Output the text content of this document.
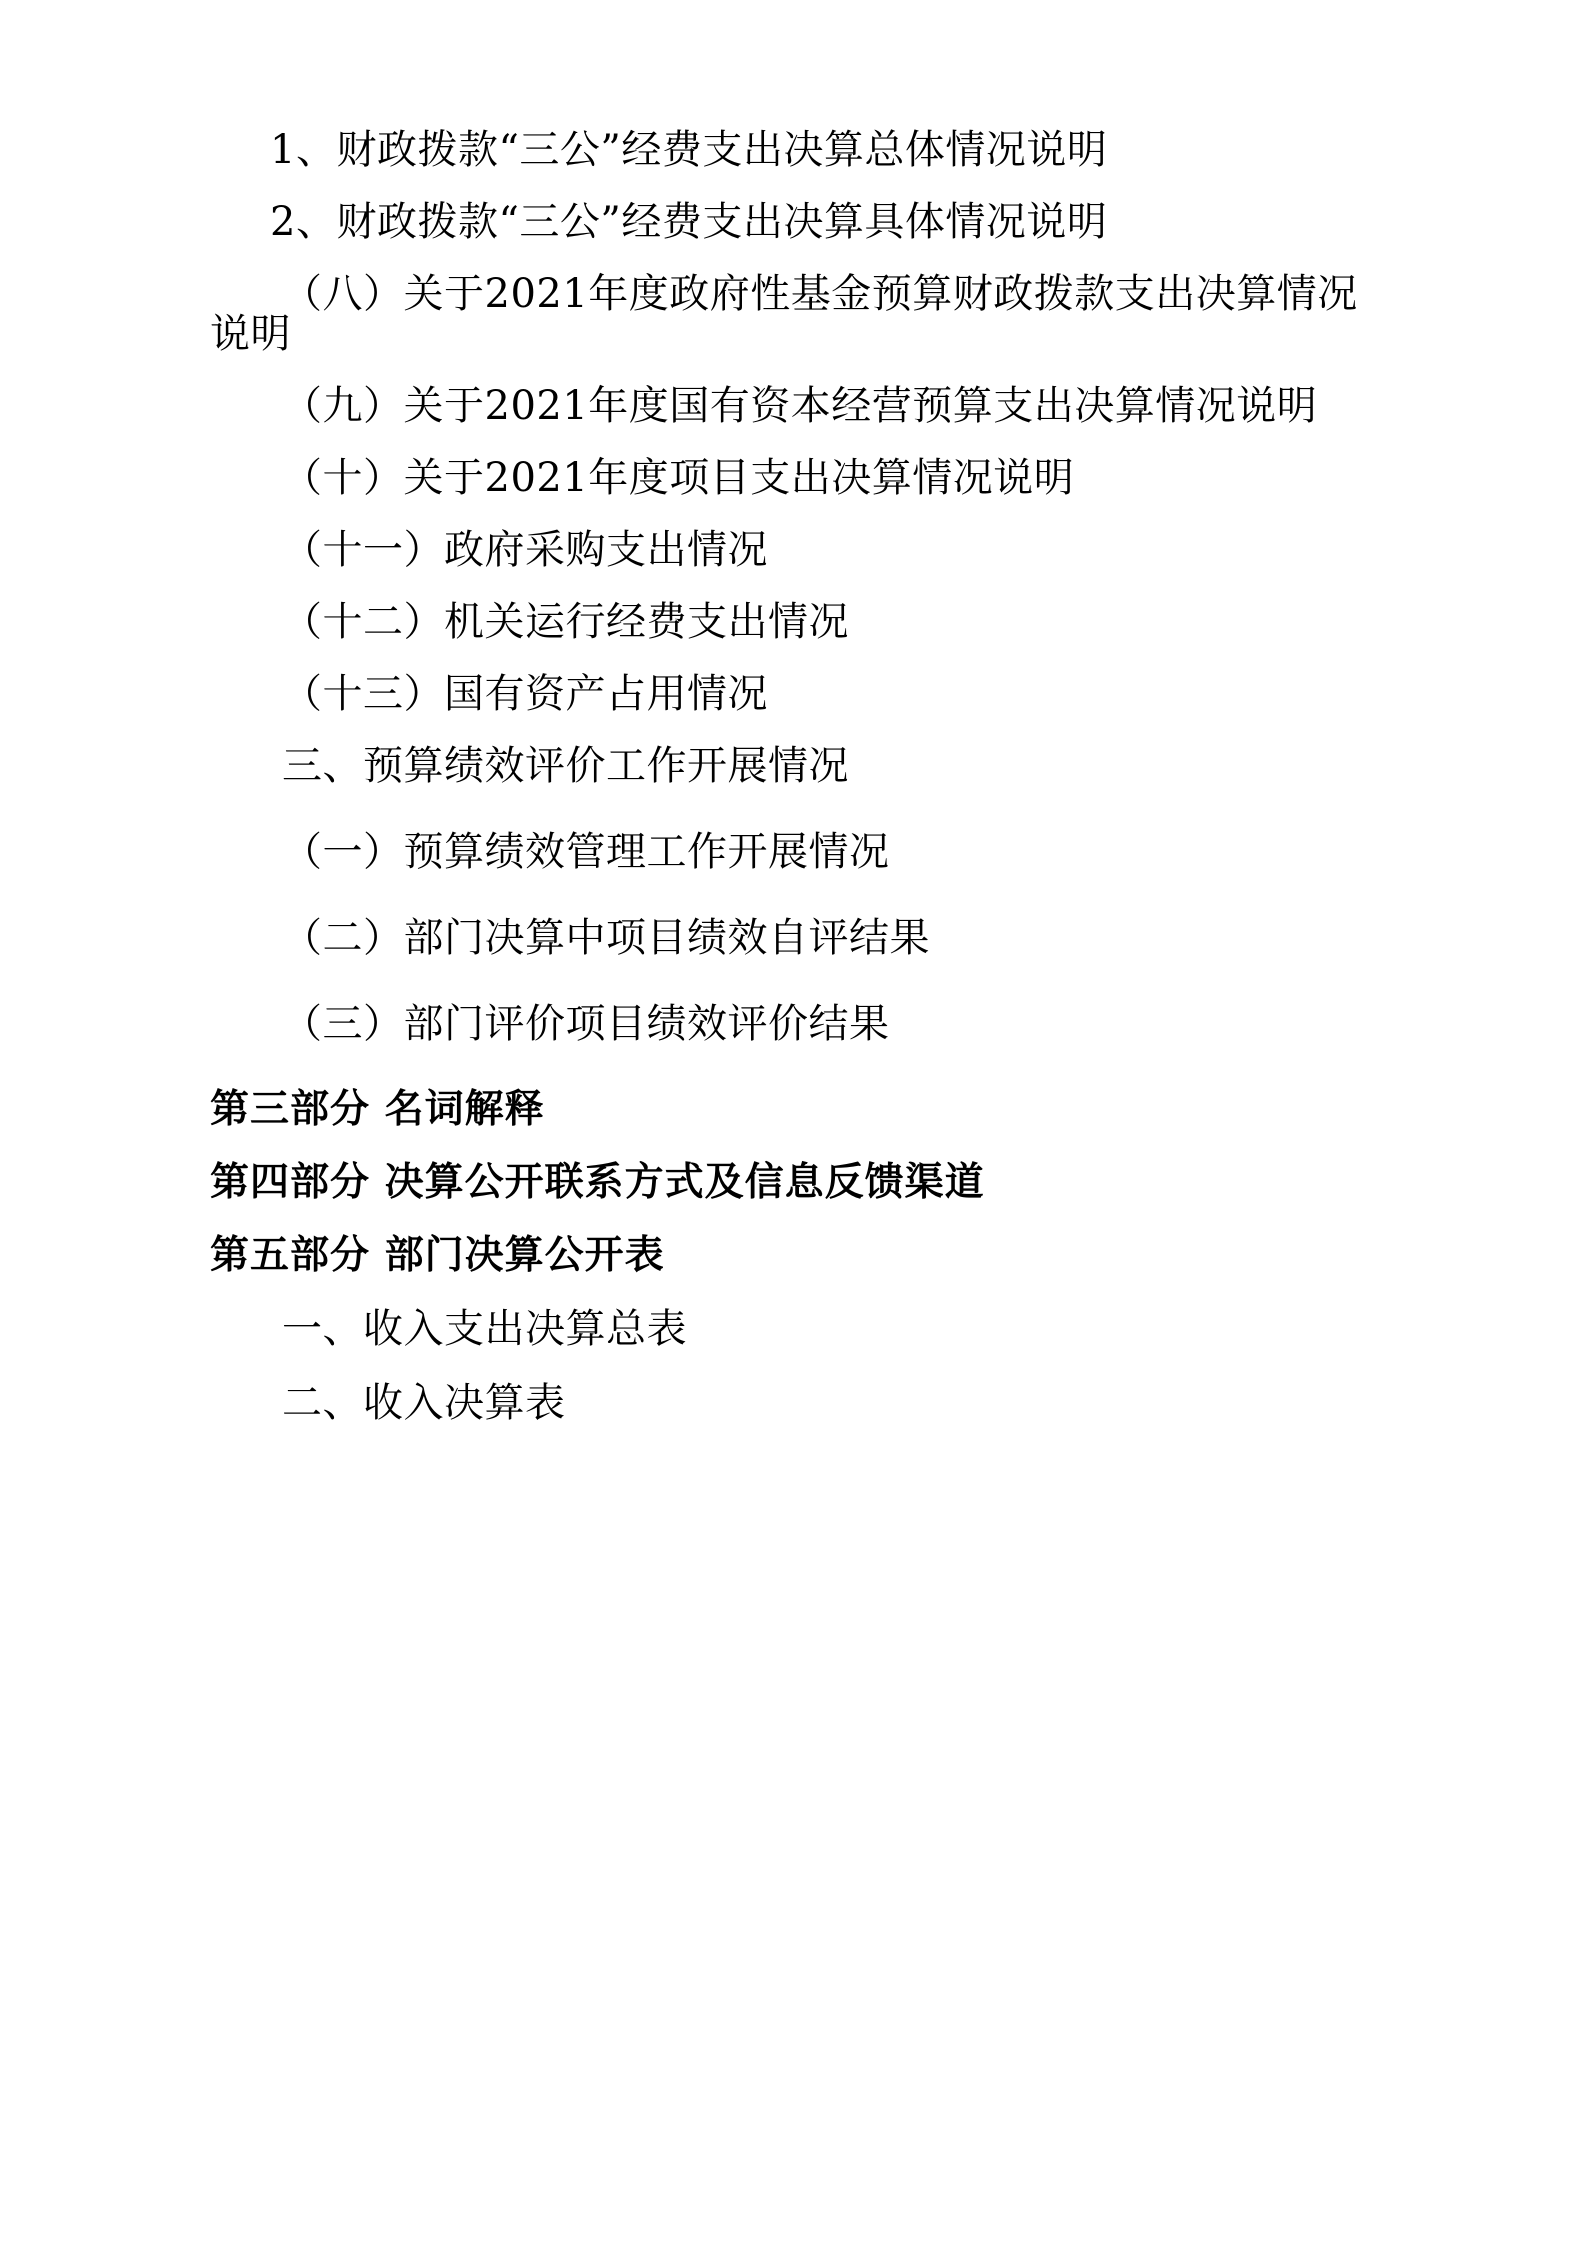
1、财政拨款“三公”经费支出决算总体情况说明
2、财政拨款“三公”经费支出决算具体情况说明
（八）关于2021年度政府性基金预算财政拨款支出决算情况说明
（九）关于2021年度国有资本经营预算支出决算情况说明
（十）关于2021年度项目支出决算情况说明
（十一）政府采购支出情况
（十二）机关运行经费支出情况
（十三）国有资产占用情况
三、预算绩效评价工作开展情况
（一）预算绩效管理工作开展情况
（二）部门决算中项目绩效自评结果
（三）部门评价项目绩效评价结果
第三部分 名词解释
第四部分 决算公开联系方式及信息反馈渠道
第五部分 部门决算公开表
一、收入支出决算总表
二、收入决算表
